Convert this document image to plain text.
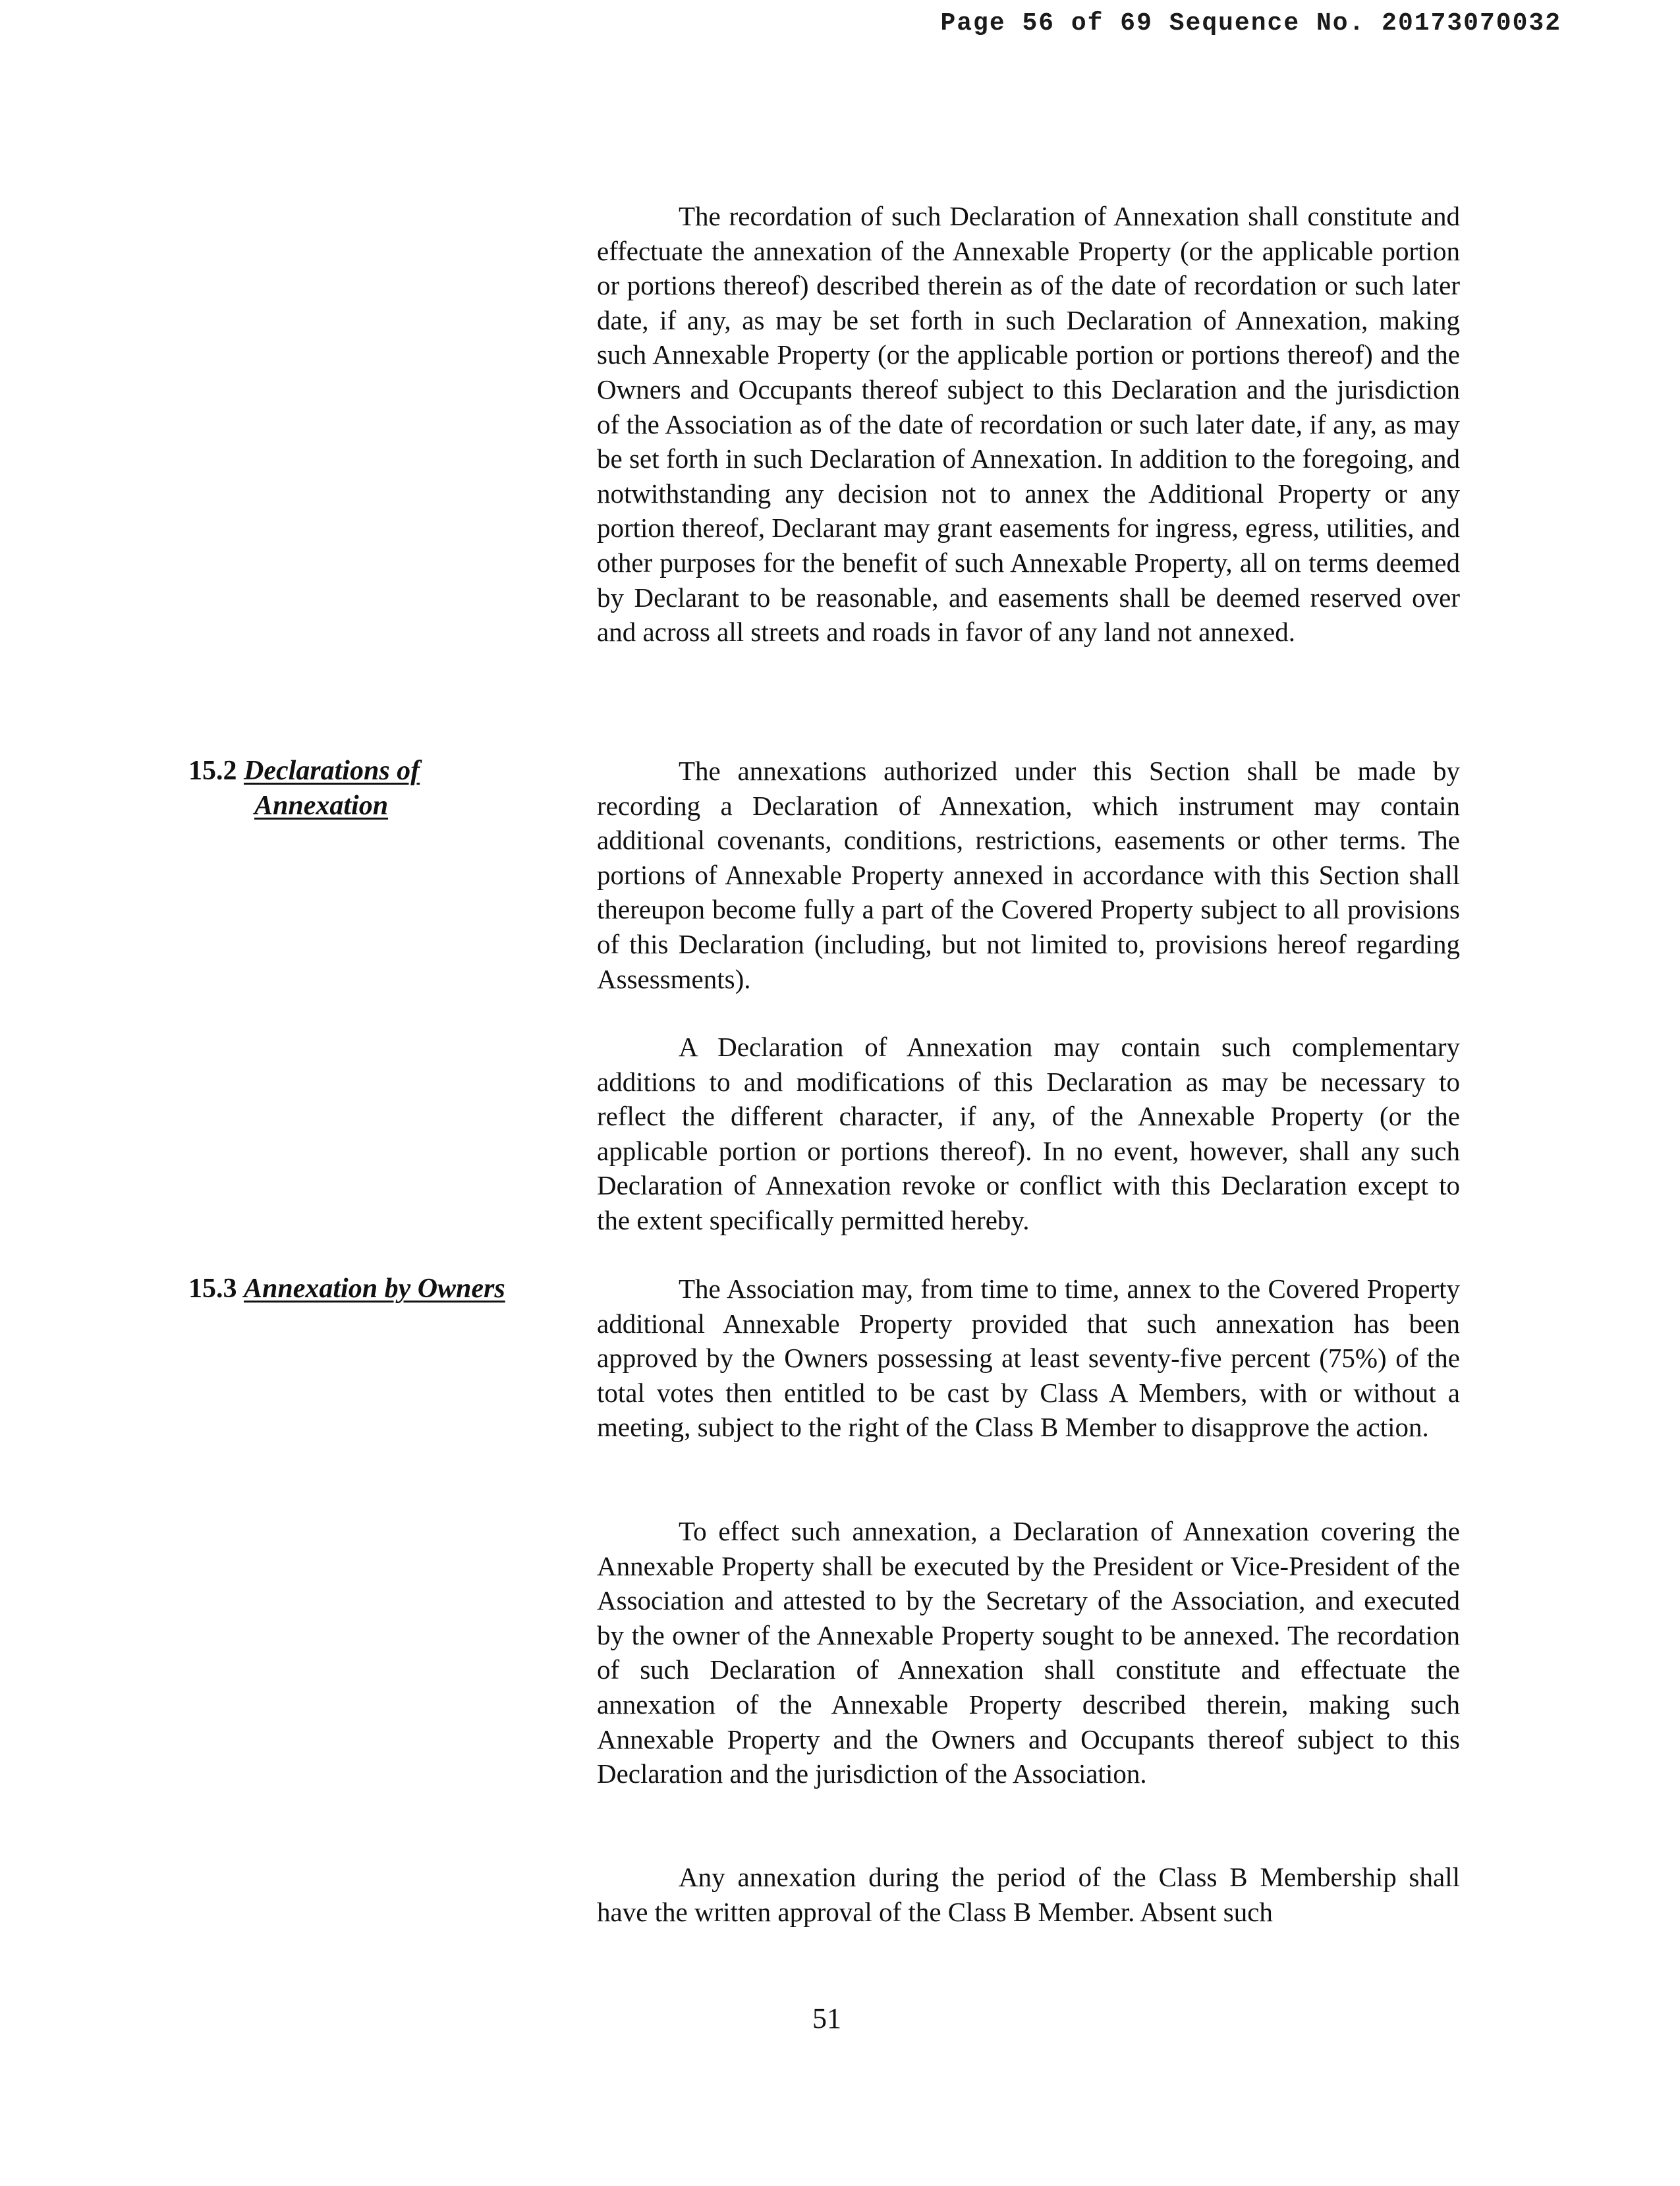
Page 56 of 69 Sequence No. 20173070032

The recordation of such Declaration of Annexation shall constitute and effectuate the annexation of the Annexable Property (or the applicable portion or portions thereof) described therein as of the date of recordation or such later date, if any, as may be set forth in such Declaration of Annexation, making such Annexable Property (or the applicable portion or portions thereof) and the Owners and Occupants thereof subject to this Declaration and the jurisdiction of the Association as of the date of recordation or such later date, if any, as may be set forth in such Declaration of Annexation. In addition to the foregoing, and notwithstanding any decision not to annex the Additional Property or any portion thereof, Declarant may grant easements for ingress, egress, utilities, and other purposes for the benefit of such Annexable Property, all on terms deemed by Declarant to be reasonable, and easements shall be deemed reserved over and across all streets and roads in favor of any land not annexed.

15.2 Declarations of
Annexation

The annexations authorized under this Section shall be made by recording a Declaration of Annexation, which instrument may contain additional covenants, conditions, restrictions, easements or other terms. The portions of Annexable Property annexed in accordance with this Section shall thereupon become fully a part of the Covered Property subject to all provisions of this Declaration (including, but not limited to, provisions hereof regarding Assessments).

A Declaration of Annexation may contain such complementary additions to and modifications of this Declaration as may be necessary to reflect the different character, if any, of the Annexable Property (or the applicable portion or portions thereof). In no event, however, shall any such Declaration of Annexation revoke or conflict with this Declaration except to the extent specifically permitted hereby.

15.3 Annexation by Owners	The Association may, from time to time, annex to the Covered Property additional Annexable Property provided that such annexation has been approved by the Owners possessing at least seventy-five percent (75%) of the total votes then entitled to be cast by Class A Members, with or without a meeting, subject to the right of the Class B Member to disapprove the action.

To effect such annexation, a Declaration of Annexation covering the Annexable Property shall be executed by the President or Vice-President of the Association and attested to by the Secretary of the Association, and executed by the owner of the Annexable Property sought to be annexed. The recordation of such Declaration of Annexation shall constitute and effectuate the annexation of the Annexable Property described therein, making such Annexable Property and the Owners and Occupants thereof subject to this Declaration and the jurisdiction of the Association.

Any annexation during the period of the Class B Membership shall have the written approval of the Class B Member. Absent such

51
